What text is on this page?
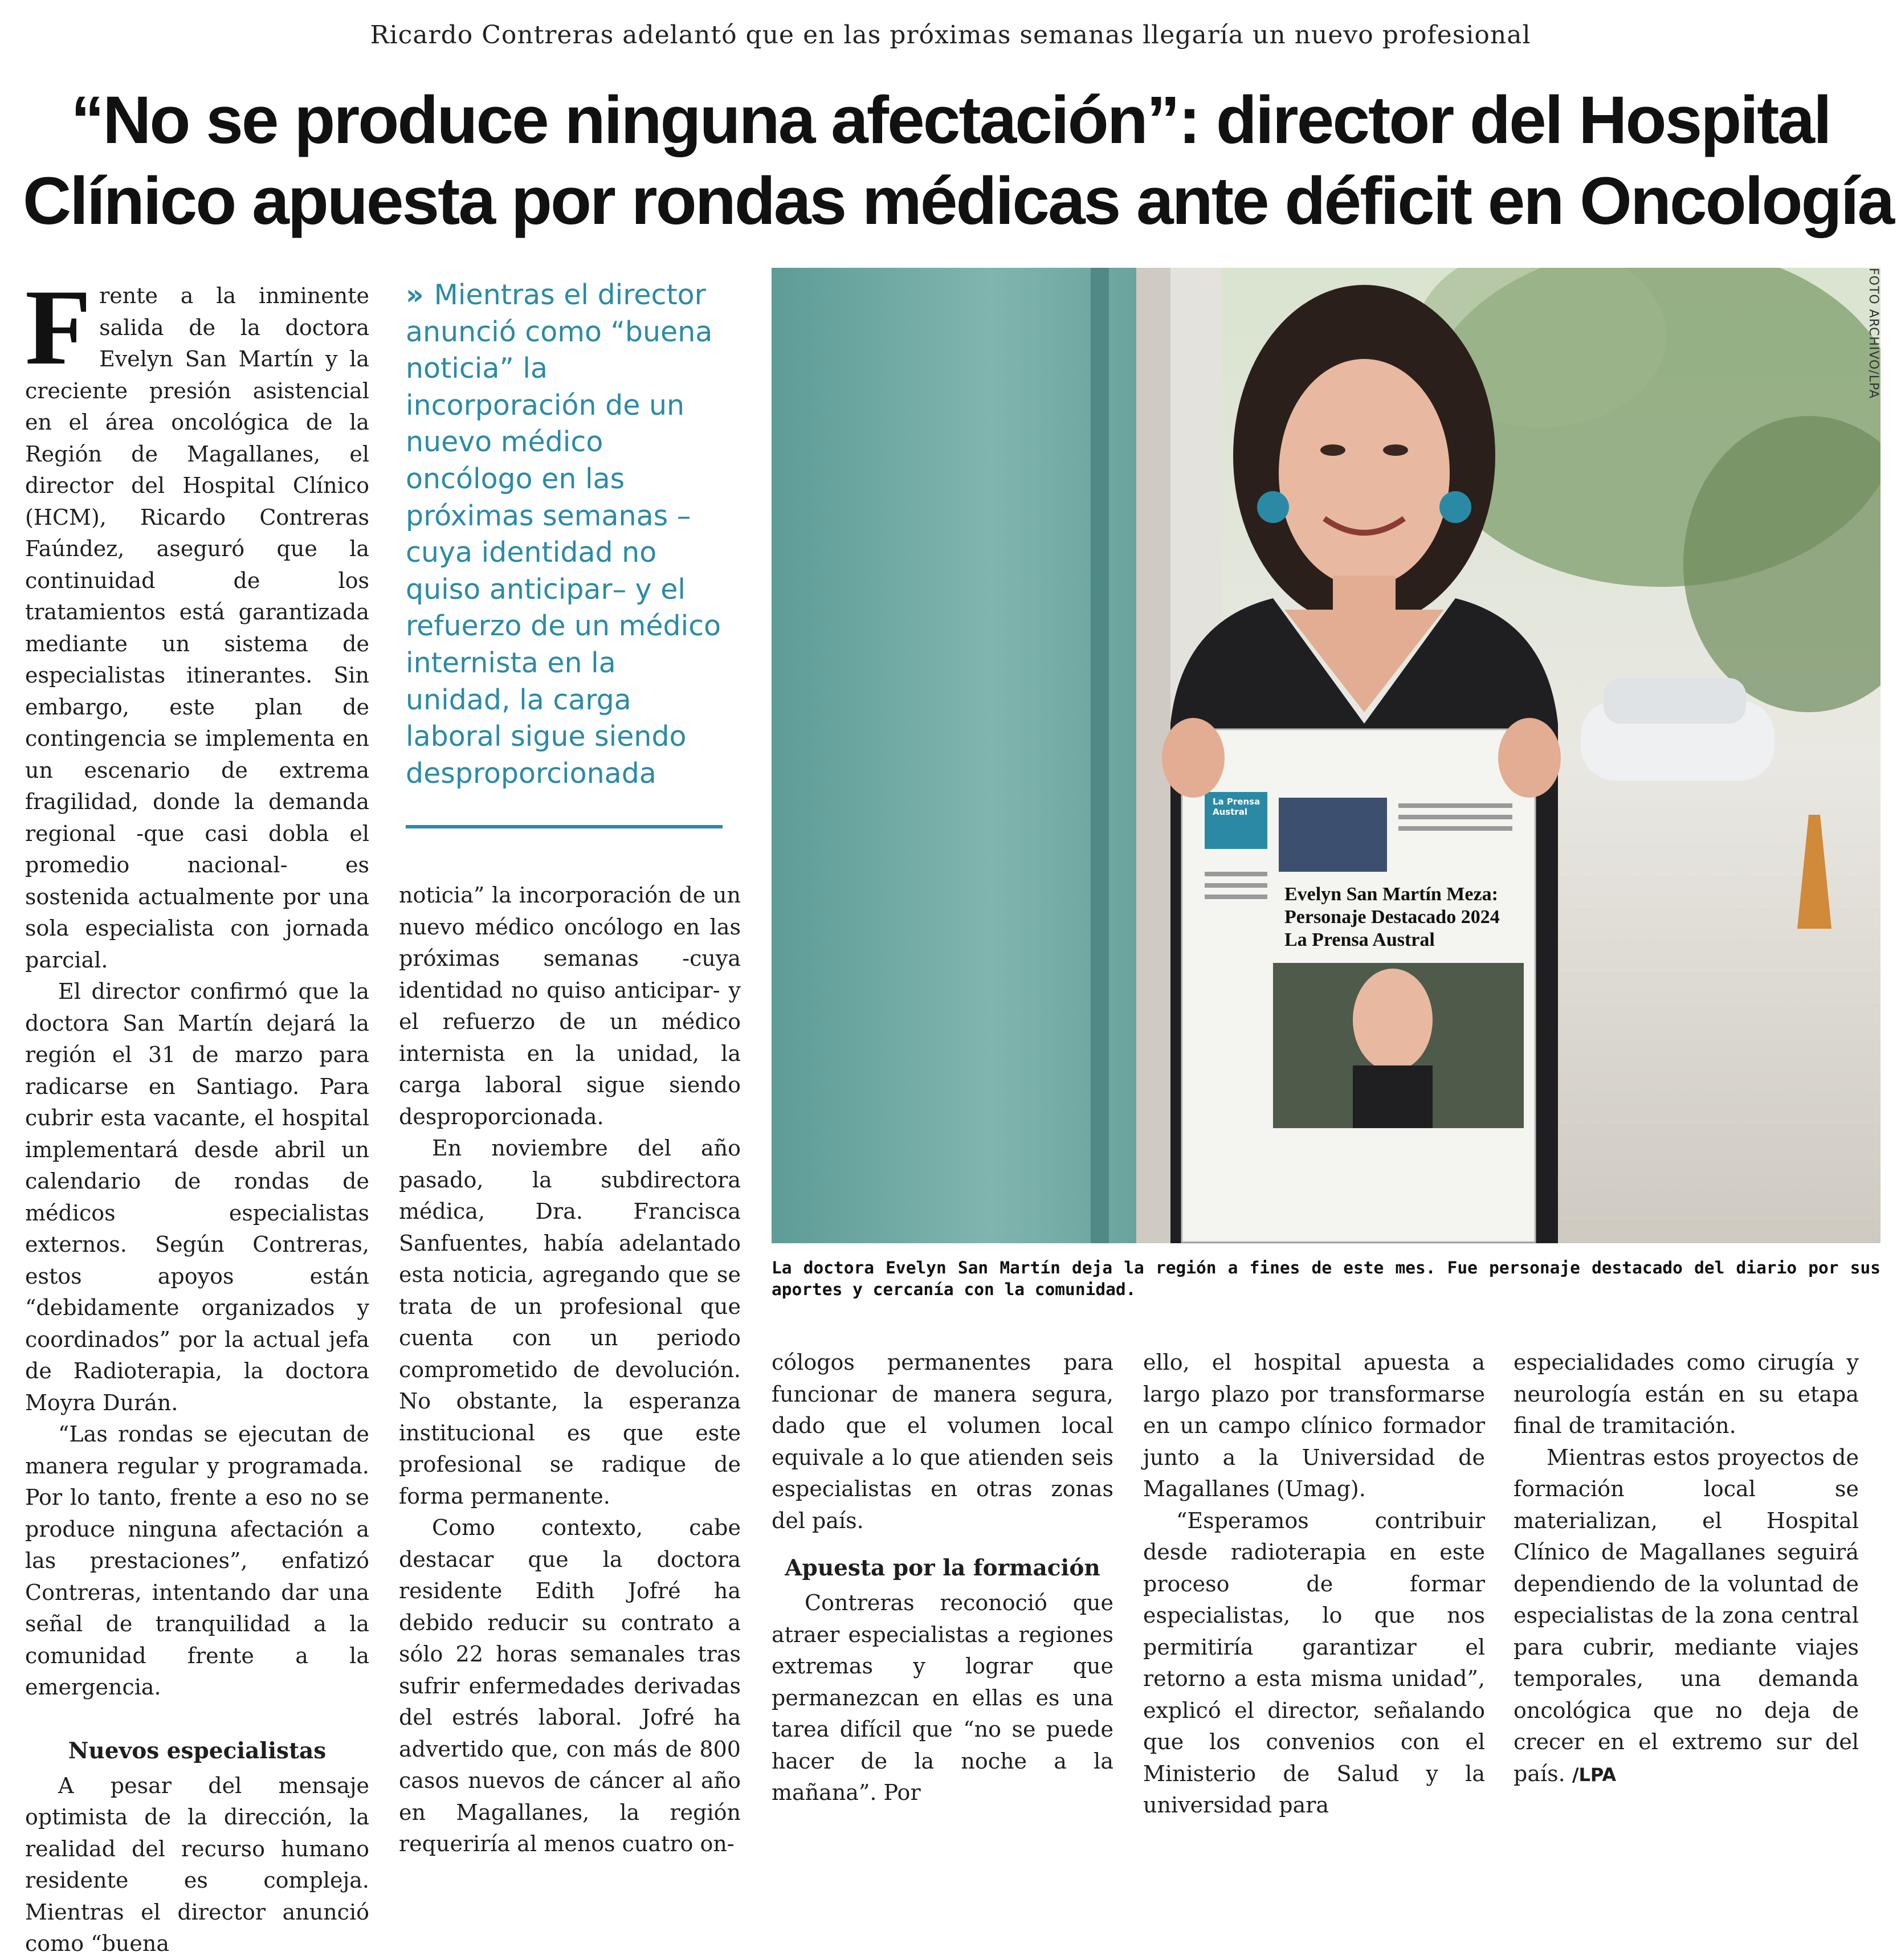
Ricardo Contreras adelantó que en las próximas semanas llegaría un nuevo profesional
“No se produce ninguna afectación”: director del Hospital
Clínico apuesta por rondas médicas ante déficit en Oncología

Frente a la inminente salida de la doctora Evelyn San Martín y la creciente presión asistencial en el área oncológica de la Región de Magallanes, el director del Hospital Clínico (HCM), Ricardo Contreras Faúndez, aseguró que la continuidad de los tratamientos está garantizada mediante un sistema de especialistas itinerantes. Sin embargo, este plan de contingencia se implementa en un escenario de extrema fragilidad, donde la demanda regional -que casi dobla el promedio nacional- es sostenida actualmente por una sola especialista con jornada parcial.

El director confirmó que la doctora San Martín dejará la región el 31 de marzo para radicarse en Santiago. Para cubrir esta vacante, el hospital implementará desde abril un calendario de rondas de médicos especialistas externos. Según Contreras, estos apoyos están “debidamente organizados y coordinados” por la actual jefa de Radioterapia, la doctora Moyra Durán.

“Las rondas se ejecutan de manera regular y programada. Por lo tanto, frente a eso no se produce ninguna afectación a las prestaciones”, enfatizó Contreras, intentando dar una señal de tranquilidad a la comunidad frente a la emergencia.

Nuevos especialistas

A pesar del mensaje optimista de la dirección, la realidad del recurso humano residente es compleja. Mientras el director anunció como “buena

» Mientras el director anunció como “buena noticia” la incorporación de un nuevo médico oncólogo en las próximas semanas –cuya identidad no quiso anticipar– y el refuerzo de un médico internista en la unidad, la carga laboral sigue siendo desproporcionada

noticia” la incorporación de un nuevo médico oncólogo en las próximas semanas -cuya identidad no quiso anticipar- y el refuerzo de un médico internista en la unidad, la carga laboral sigue siendo desproporcionada.

En noviembre del año pasado, la subdirectora médica, Dra. Francisca Sanfuentes, había adelantado esta noticia, agregando que se trata de un profesional que cuenta con un periodo comprometido de devolución. No obstante, la esperanza institucional es que este profesional se radique de forma permanente.

Como contexto, cabe destacar que la doctora residente Edith Jofré ha debido reducir su contrato a sólo 22 horas semanales tras sufrir enfermedades derivadas del estrés laboral. Jofré ha advertido que, con más de 800 casos nuevos de cáncer al año en Magallanes, la región requeriría al menos cuatro on-

La Prensa Austral
Evelyn San Martín Meza: Personaje Destacado 2024 La Prensa Austral
FOTO ARCHIVO/LPA
La doctora Evelyn San Martín deja la región a fines de este mes. Fue personaje destacado del diario por sus aportes y cercanía con la comunidad.

cólogos permanentes para funcionar de manera segura, dado que el volumen local equivale a lo que atienden seis especialistas en otras zonas del país.

Apuesta por la formación

Contreras reconoció que atraer especialistas a regiones extremas y lograr que permanezcan en ellas es una tarea difícil que “no se puede hacer de la noche a la mañana”. Por

ello, el hospital apuesta a largo plazo por transformarse en un campo clínico formador junto a la Universidad de Magallanes (Umag).

“Esperamos contribuir desde radioterapia en este proceso de formar especialistas, lo que nos permitiría garantizar el retorno a esta misma unidad”, explicó el director, señalando que los convenios con el Ministerio de Salud y la universidad para

especialidades como cirugía y neurología están en su etapa final de tramitación.

Mientras estos proyectos de formación local se materializan, el Hospital Clínico de Magallanes seguirá dependiendo de la voluntad de especialistas de la zona central para cubrir, mediante viajes temporales, una demanda oncológica que no deja de crecer en el extremo sur del país. /LPA
